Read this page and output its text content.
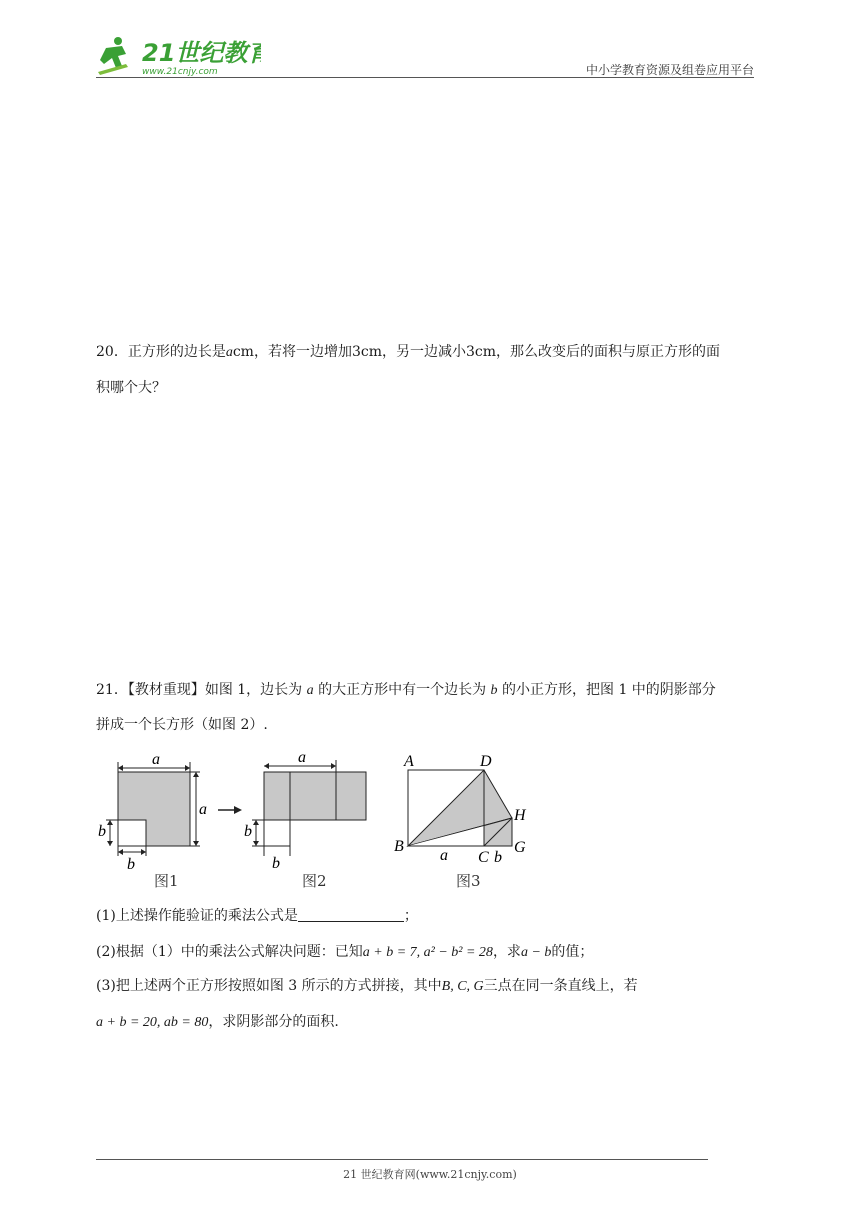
21世纪教育
www.21cnjy.com	中小学教育资源及组卷应用平台
20．正方形的边长是acm，若将一边增加3cm，另一边减小3cm，那么改变后的面积与原正方形的面
积哪个大？
21．【教材重现】如图 1，边长为 a 的大正方形中有一个边长为 b 的小正方形，把图 1 中的阴影部分
拼成一个长方形（如图 2）.
a
a
b
b
图1
a
b
b
图2
A	D
H
B	G
a C b
图3
(1)上述操作能验证的乘法公式是	；
(2)根据（1）中的乘法公式解决问题：已知a + b = 7, a² − b² = 28，求a − b的值；
(3)把上述两个正方形按照如图 3 所示的方式拼接，其中B, C, G三点在同一条直线上，若
a + b = 20, ab = 80，求阴影部分的面积.
21 世纪教育网(www.21cnjy.com)
